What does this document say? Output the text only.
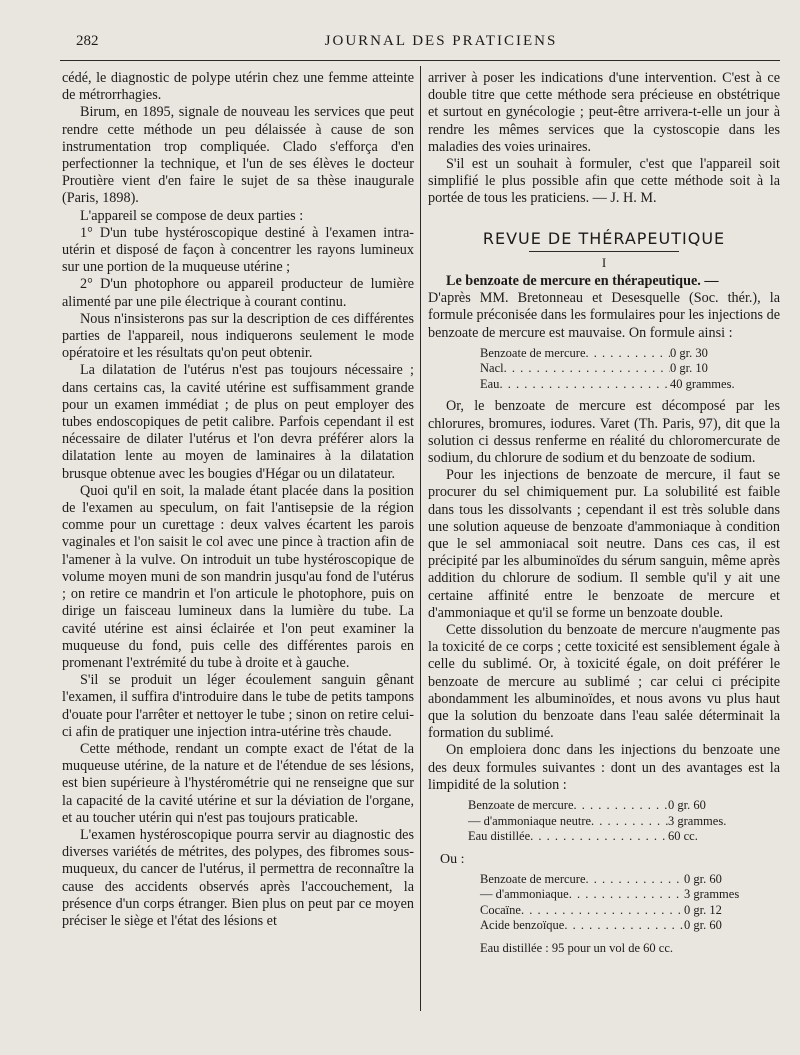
282	JOURNAL DES PRATICIENS

cédé, le diagnostic de polype utérin chez une femme atteinte de métrorrhagies.

Birum, en 1895, signale de nouveau les services que peut rendre cette méthode un peu délaissée à cause de son instrumentation trop compliquée. Clado s'efforça d'en perfectionner la technique, et l'un de ses élèves le docteur Proutière vient d'en faire le sujet de sa thèse inaugurale (Paris, 1898).

L'appareil se compose de deux parties :

1° D'un tube hystéroscopique destiné à l'examen intra-utérin et disposé de façon à concentrer les rayons lumineux sur une portion de la muqueuse utérine ;

2° D'un photophore ou appareil producteur de lumière alimenté par une pile électrique à courant continu.

Nous n'insisterons pas sur la description de ces différentes parties de l'appareil, nous indiquerons seulement le mode opératoire et les résultats qu'on peut obtenir.

La dilatation de l'utérus n'est pas toujours nécessaire ; dans certains cas, la cavité utérine est suffisamment grande pour un examen immédiat ; de plus on peut employer des tubes endoscopiques de petit calibre. Parfois cependant il est nécessaire de dilater l'utérus et l'on devra préférer alors la dilatation lente au moyen de laminaires à la dilatation brusque obtenue avec les bougies d'Hégar ou un dilatateur.

Quoi qu'il en soit, la malade étant placée dans la position de l'examen au speculum, on fait l'antisepsie de la région comme pour un curettage : deux valves écartent les parois vaginales et l'on saisit le col avec une pince à traction afin de l'amener à la vulve. On introduit un tube hystéroscopique de volume moyen muni de son mandrin jusqu'au fond de l'utérus ; on retire ce mandrin et l'on articule le photophore, puis on dirige un faisceau lumineux dans la lumière du tube. La cavité utérine est ainsi éclairée et l'on peut examiner la muqueuse du fond, puis celle des différentes parois en promenant l'extrémité du tube à droite et à gauche.

S'il se produit un léger écoulement sanguin gênant l'examen, il suffira d'introduire dans le tube de petits tampons d'ouate pour l'arrêter et nettoyer le tube ; sinon on retire celui-ci afin de pratiquer une injection intra-utérine très chaude.

Cette méthode, rendant un compte exact de l'état de la muqueuse utérine, de la nature et de l'étendue de ses lésions, est bien supérieure à l'hystérométrie qui ne renseigne que sur la capacité de la cavité utérine et sur la déviation de l'organe, et au toucher utérin qui n'est pas toujours praticable.

L'examen hystéroscopique pourra servir au diagnostic des diverses variétés de métrites, des polypes, des fibromes sous-muqueux, du cancer de l'utérus, il permettra de reconnaître la cause des accidents observés après l'accouchement, la présence d'un corps étranger. Bien plus on peut par ce moyen préciser le siège et l'état des lésions et

arriver à poser les indications d'une intervention. C'est à ce double titre que cette méthode sera précieuse en obstétrique et surtout en gynécologie ; peut-être arrivera-t-elle un jour à rendre les mêmes services que la cystoscopie dans les maladies des voies urinaires.

S'il est un souhait à formuler, c'est que l'appareil soit simplifié le plus possible afin que cette méthode soit à la portée de tous les praticiens. — J. H. M.

REVUE DE THÉRAPEUTIQUE
I

Le benzoate de mercure en thérapeutique. —

D'après MM. Bretonneau et Desesquelle (Soc. thér.), la formule préconisée dans les formulaires pour les injections de benzoate de mercure est mauvaise. On formule ainsi :

Benzoate de mercure . . .	0 gr. 30
Nacl . . .	0 gr. 10
Eau . . .	40 grammes.

Or, le benzoate de mercure est décomposé par les chlorures, bromures, iodures. Varet (Th. Paris, 97), dit que la solution ci dessus renferme en réalité du chloromercurate de sodium, du chlorure de sodium et du benzoate de sodium.

Pour les injections de benzoate de mercure, il faut se procurer du sel chimiquement pur. La solubilité est faible dans tous les dissolvants ; cependant il est très soluble dans une solution aqueuse de benzoate d'ammoniaque à condition que le sel ammoniacal soit neutre. Dans ces cas, il est précipité par les albuminoïdes du sérum sanguin, même après addition du chlorure de sodium. Il semble qu'il y ait une certaine affinité entre le benzoate de mercure et d'ammoniaque et qu'il se forme un benzoate double.

Cette dissolution du benzoate de mercure n'augmente pas la toxicité de ce corps ; cette toxicité est sensiblement égale à celle du sublimé. Or, à toxicité égale, on doit préférer le benzoate de mercure au sublimé ; car celui ci précipite abondamment les albuminoïdes, et nous avons vu plus haut que la solution du benzoate dans l'eau salée déterminait la formation du sublimé.

On emploiera donc dans les injections du benzoate une des deux formules suivantes : dont un des avantages est la limpidité de la solution :

Benzoate de mercure . . .	0 gr. 60
— d'ammoniaque neutre . . .	3 grammes.
Eau distillée . . .	60 cc.
Ou :
Benzoate de mercure . . .	0 gr. 60
— d'ammoniaque . . .	3 grammes
Cocaïne . . .	0 gr. 12
Acide benzoïque . . .	0 gr. 60
Eau distillée : 95 pour un vol de 60 cc.
